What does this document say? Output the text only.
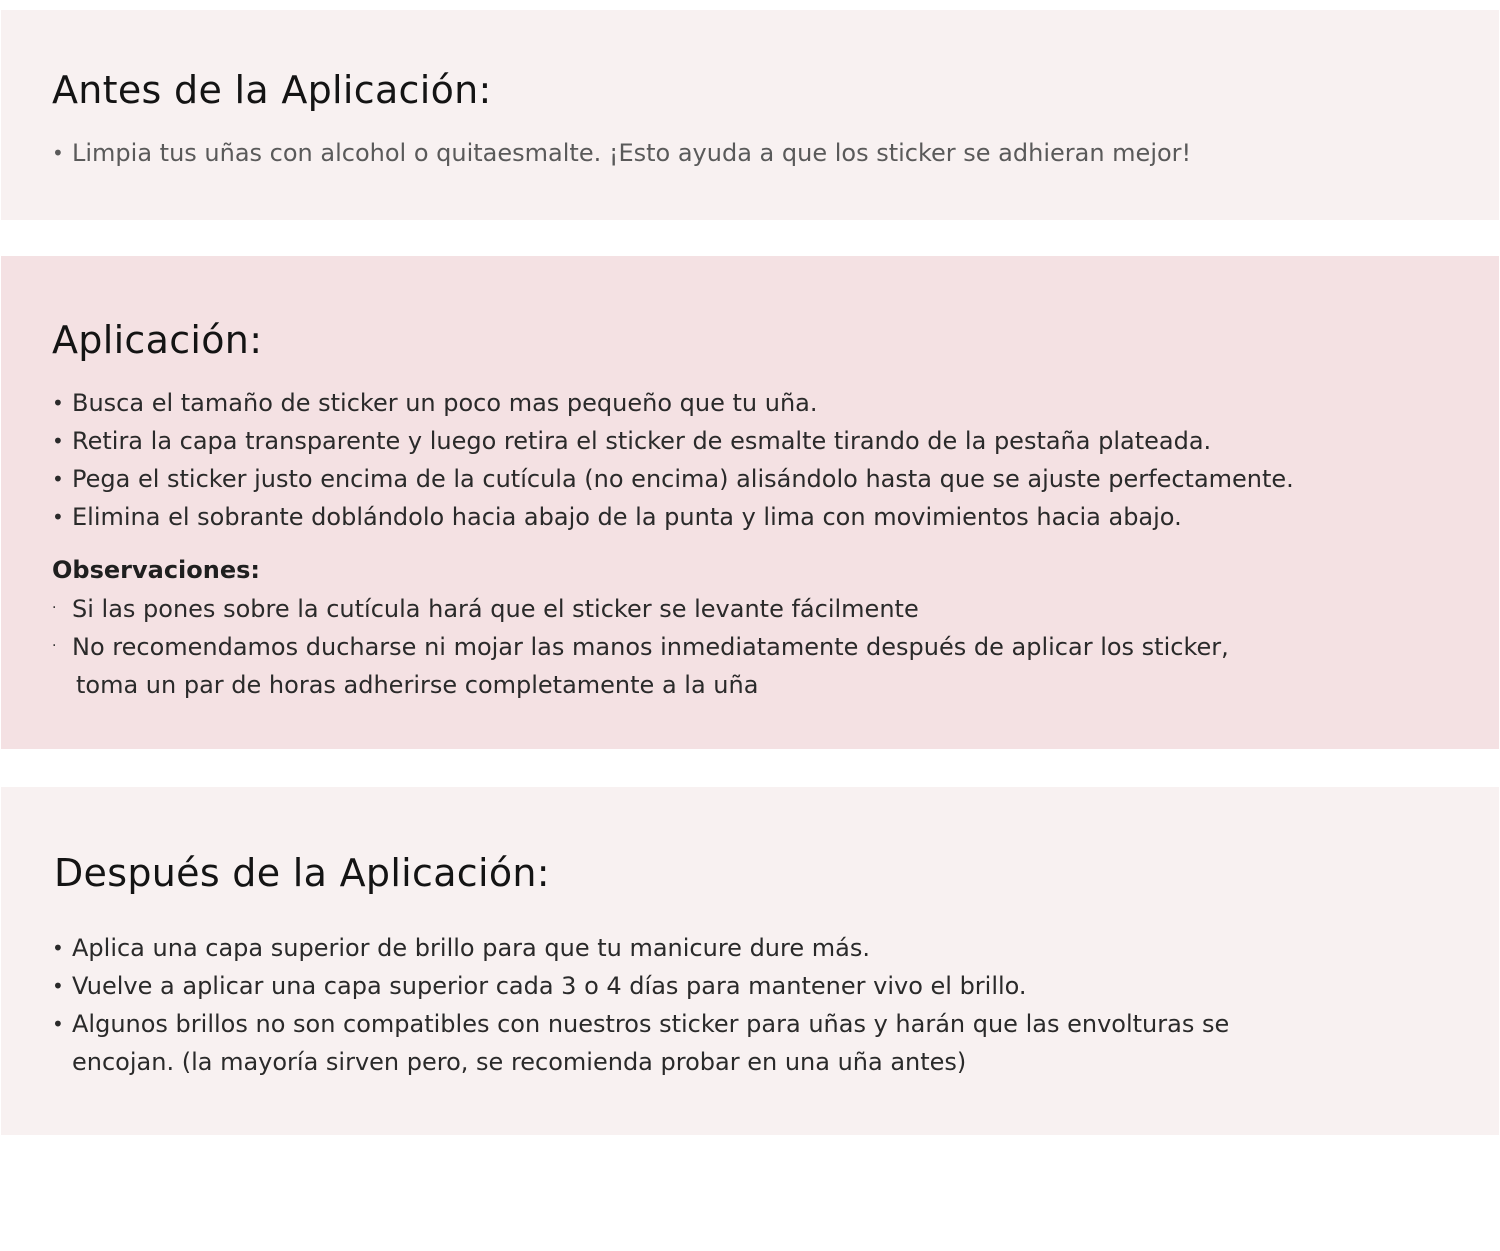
Antes de la Aplicación:
• Limpia tus uñas con alcohol o quitaesmalte. ¡Esto ayuda a que los sticker se adhieran mejor!
Aplicación:
• Busca el tamaño de sticker un poco mas pequeño que tu uña.
• Retira la capa transparente y luego retira el sticker de esmalte tirando de la pestaña plateada.
• Pega el sticker justo encima de la cutícula (no encima) alisándolo hasta que se ajuste perfectamente.
• Elimina el sobrante doblándolo hacia abajo de la punta y lima con movimientos hacia abajo.
Observaciones:
· Si las pones sobre la cutícula hará que el sticker se levante fácilmente
· No recomendamos ducharse ni mojar las manos inmediatamente después de aplicar los sticker,
toma un par de horas adherirse completamente a la uña
Después de la Aplicación:
• Aplica una capa superior de brillo para que tu manicure dure más.
• Vuelve a aplicar una capa superior cada 3 o 4 días para mantener vivo el brillo.
• Algunos brillos no son compatibles con nuestros sticker para uñas y harán que las envolturas se
encojan. (la mayoría sirven pero, se recomienda probar en una uña antes)
